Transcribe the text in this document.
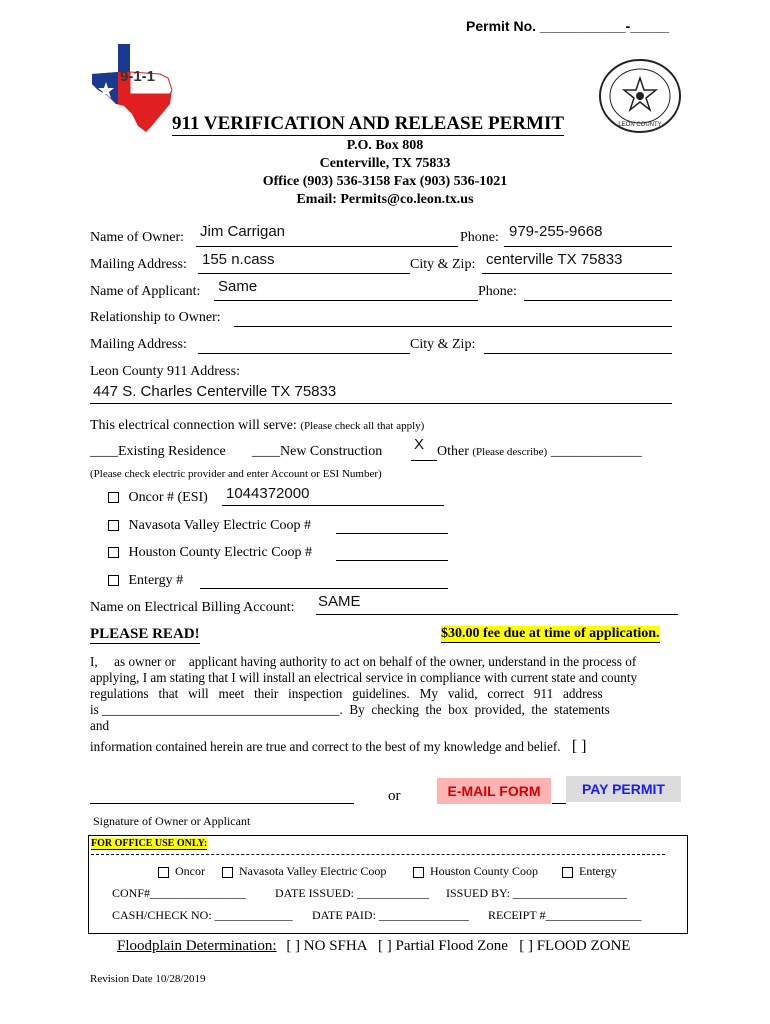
Permit No. ___________-_____
9-1-1
LEON COUNTY
911 VERIFICATION AND RELEASE PERMIT
P.O. Box 808
Centerville, TX 75833
Office (903) 536-3158 Fax (903) 536-1021
Email: Permits@co.leon.tx.us
Name of Owner: Jim Carrigan	Phone: 979-255-9668
Mailing Address: 155 n.cass	City & Zip: centerville TX 75833
Name of Applicant: Same	Phone:
Relationship to Owner:
Mailing Address:	City & Zip:
Leon County 911 Address:
447 S. Charles Centerville TX 75833
This electrical connection will serve: (Please check all that apply)
____Existing Residence ____New Construction X Other (Please describe) _____________
(Please check electric provider and enter Account or ESI Number)
Oncor # (ESI) 1044372000
Navasota Valley Electric Coop #
Houston County Electric Coop #
Entergy #
Name on Electrical Billing Account: SAME
PLEASE READ!	$30.00 fee due at time of application.
I,     as owner or    applicant having authority to act on behalf of the owner, understand in the process of
applying, I am stating that I will install an electrical service in compliance with current state and county
regulations   that   will   meet   their   inspection   guidelines.   My   valid,   correct   911   address
is ____________________________________.  By  checking  the  box  provided,  the  statements
and
information contained herein are true and correct to the best of my knowledge and belief. [ ]
or	E-MAIL FORM	PAY PERMIT
Signature of Owner or Applicant
FOR OFFICE USE ONLY:
Oncor	Navasota Valley Electric Coop	Houston County Coop	Entergy
CONF#________________ DATE ISSUED: ____________ ISSUED BY: ___________________
CASH/CHECK NO: _____________ DATE PAID: _______________ RECEIPT #________________
Floodplain Determination: [ ] NO SFHA   [ ] Partial Flood Zone   [ ] FLOOD ZONE
Revision Date 10/28/2019
